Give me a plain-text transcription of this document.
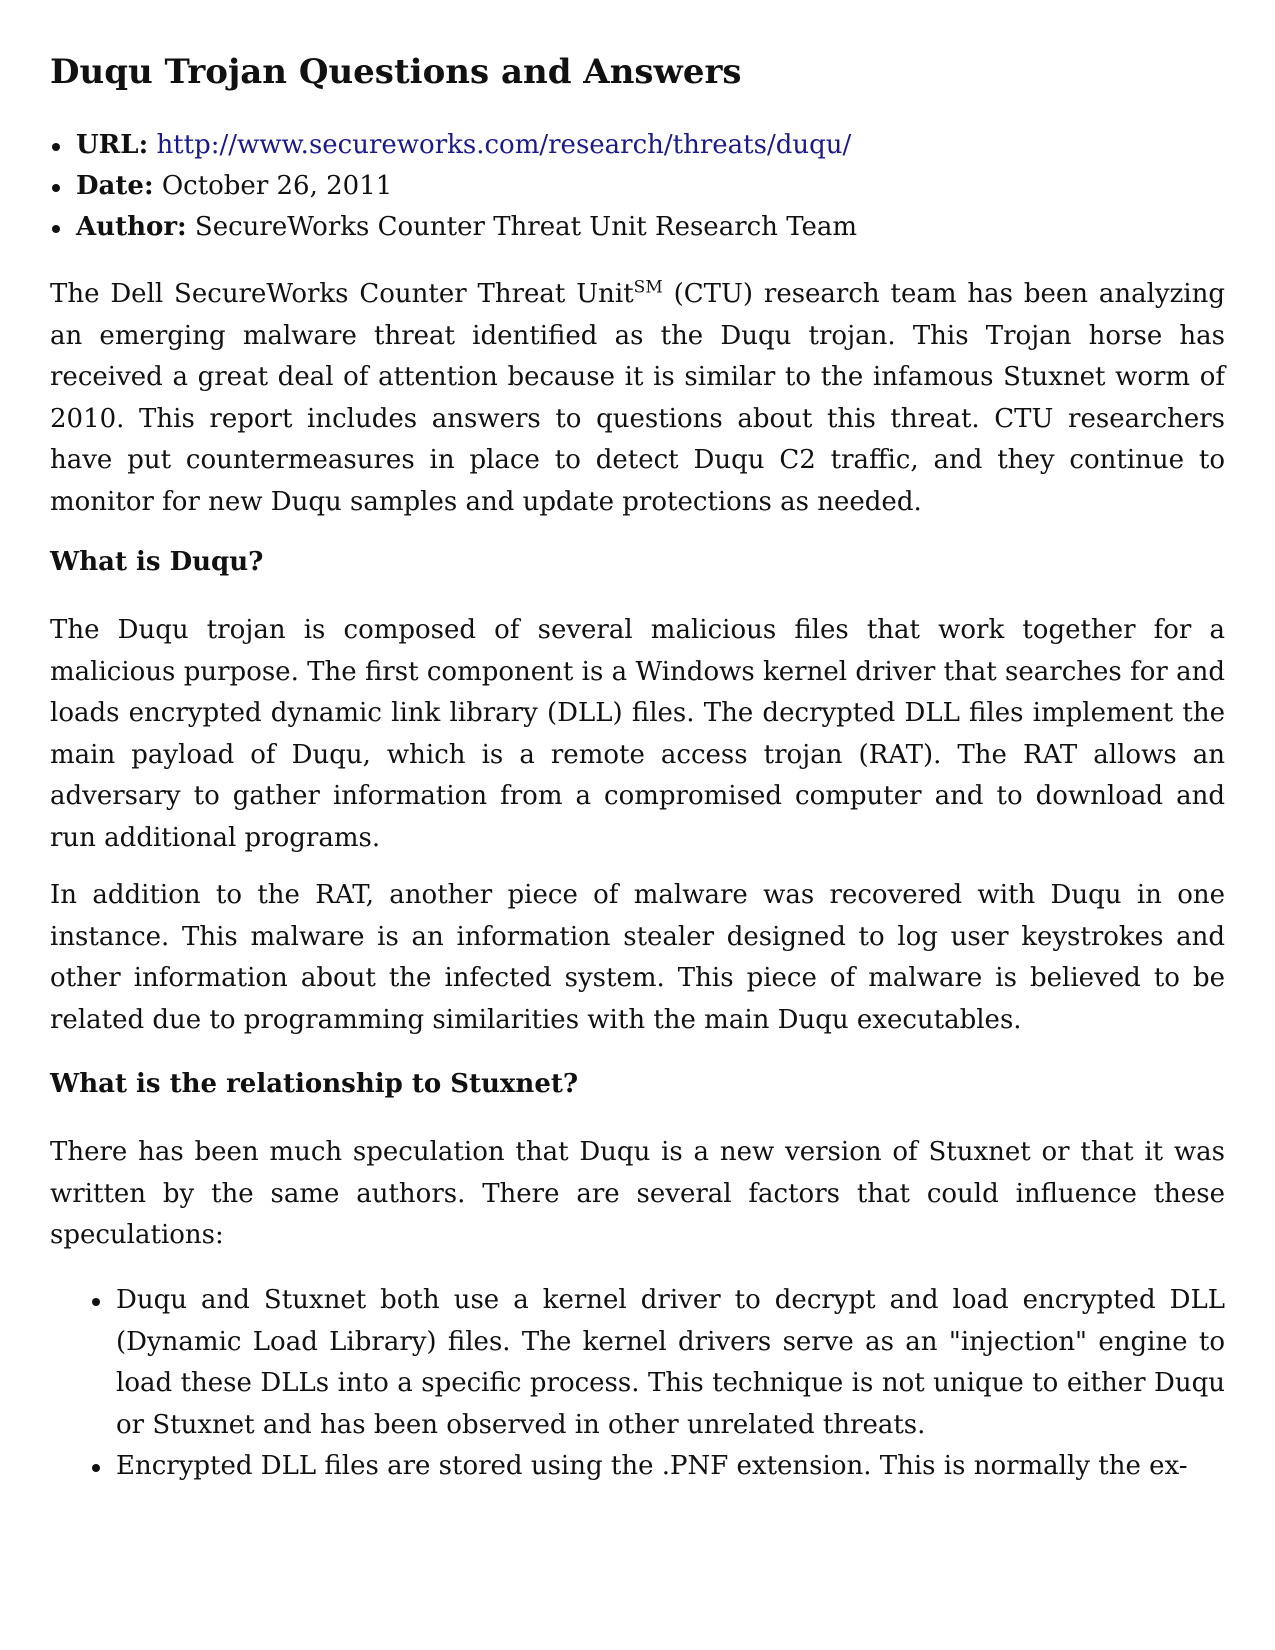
Duqu Trojan Questions and Answers
URL: http://www.secureworks.com/research/threats/duqu/
Date: October 26, 2011
Author: SecureWorks Counter Threat Unit Research Team

The Dell SecureWorks Counter Threat Unit℠ (CTU) research team has been analyzing an emerging malware threat identified as the Duqu trojan. This Trojan horse has received a great deal of attention because it is similar to the infamous Stuxnet worm of 2010. This report includes answers to questions about this threat. CTU researchers have put countermeasures in place to detect Duqu C2 traffic, and they continue to monitor for new Duqu samples and update protections as needed.

What is Duqu?

The Duqu trojan is composed of several malicious files that work together for a malicious purpose. The first component is a Windows kernel driver that searches for and loads encrypted dynamic link library (DLL) files. The decrypted DLL files implement the main payload of Duqu, which is a remote access trojan (RAT). The RAT allows an adversary to gather information from a compromised computer and to download and run additional programs.

In addition to the RAT, another piece of malware was recovered with Duqu in one instance. This malware is an information stealer designed to log user keystrokes and other information about the infected system. This piece of malware is believed to be related due to programming similarities with the main Duqu executables.

What is the relationship to Stuxnet?

There has been much speculation that Duqu is a new version of Stuxnet or that it was written by the same authors. There are several factors that could influence these speculations:

Duqu and Stuxnet both use a kernel driver to decrypt and load encrypted DLL (Dynamic Load Library) files. The kernel drivers serve as an "injection" engine to load these DLLs into a specific process. This technique is not unique to either Duqu or Stuxnet and has been observed in other unrelated threats.
Encrypted DLL files are stored using the .PNF extension. This is normally the ex-
